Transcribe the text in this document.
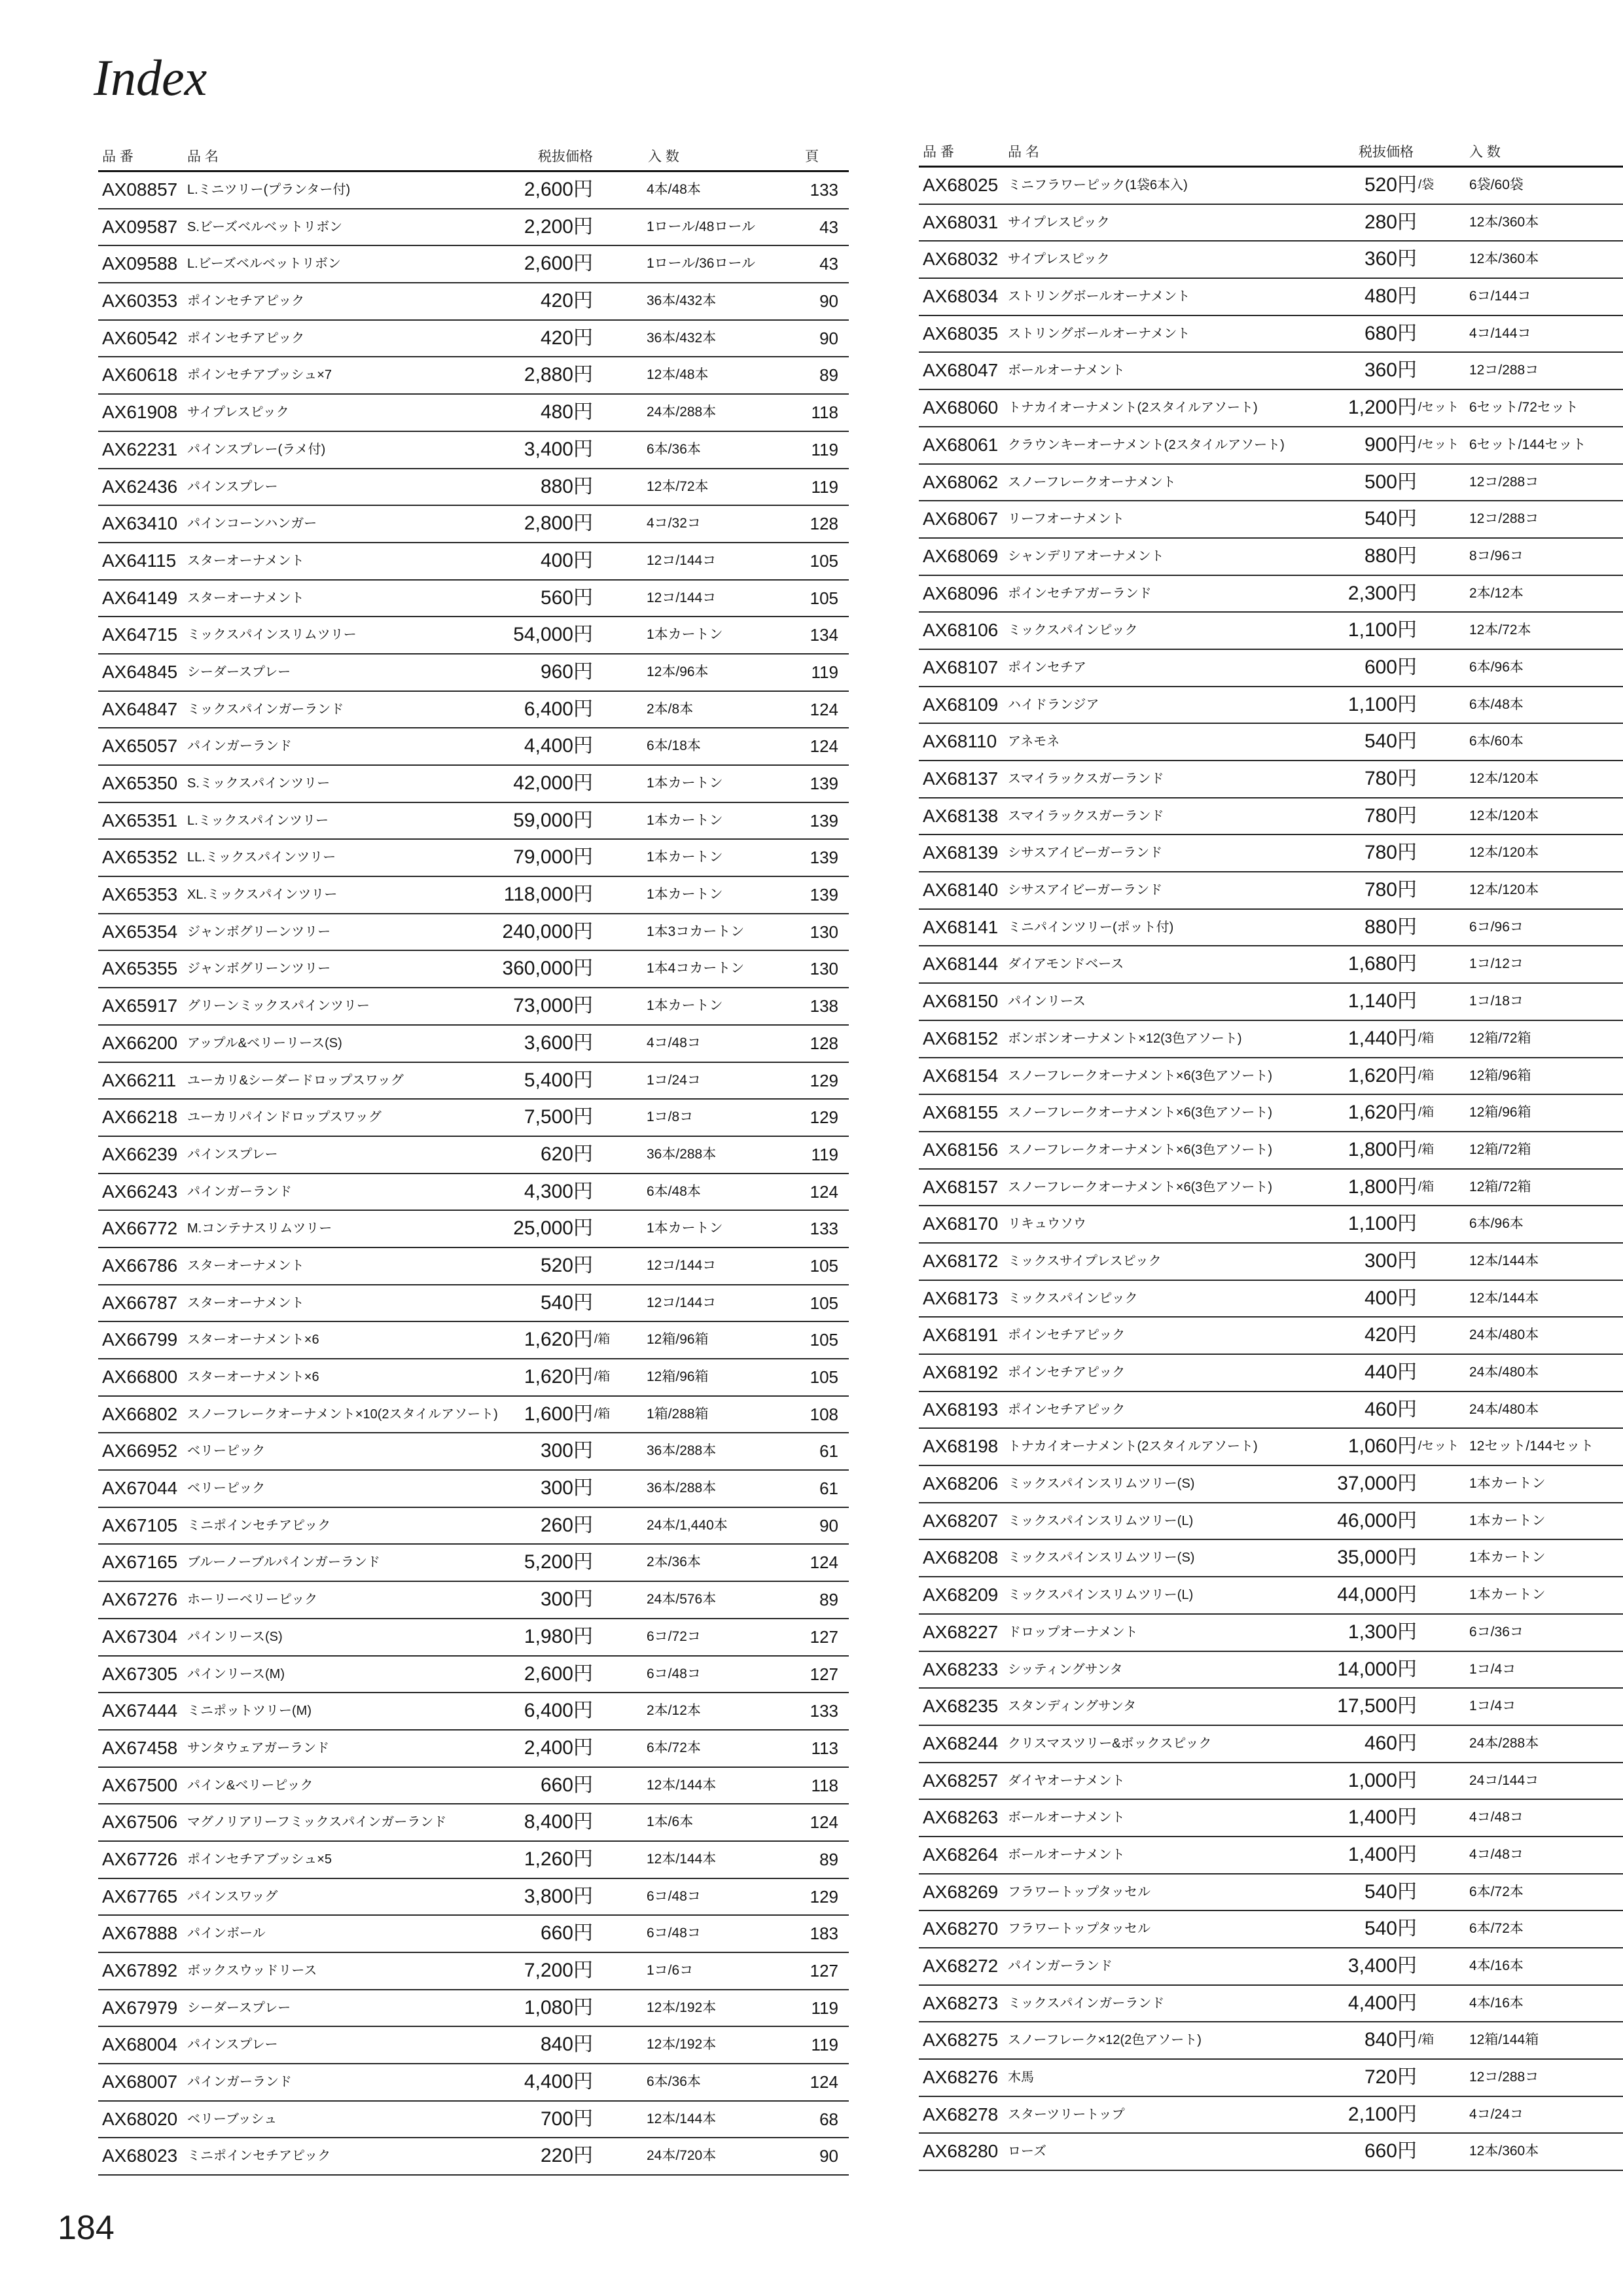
Index
品 番	品 名	税抜価格	入 数	頁
AX08857 L.ミニツリー(プランター付)	2,600円	4本/48本	133
AX09587 S.ビーズベルベットリボン	2,200円	1ロール/48ロール	43
AX09588 L.ビーズベルベットリボン	2,600円	1ロール/36ロール	43
AX60353 ポインセチアピック	420円	36本/432本	90
AX60542 ポインセチアピック	420円	36本/432本	90
AX60618 ポインセチアブッシュ×7	2,880円	12本/48本	89
AX61908 サイプレスピック	480円	24本/288本	118
AX62231 パインスプレー(ラメ付)	3,400円	6本/36本	119
AX62436 パインスプレー	880円	12本/72本	119
AX63410 パインコーンハンガー	2,800円	4コ/32コ	128
AX64115 スターオーナメント	400円	12コ/144コ	105
AX64149 スターオーナメント	560円	12コ/144コ	105
AX64715 ミックスパインスリムツリー	54,000円	1本カートン	134
AX64845 シーダースプレー	960円	12本/96本	119
AX64847 ミックスパインガーランド	6,400円	2本/8本	124
AX65057 パインガーランド	4,400円	6本/18本	124
AX65350 S.ミックスパインツリー	42,000円	1本カートン	139
AX65351 L.ミックスパインツリー	59,000円	1本カートン	139
AX65352 LL.ミックスパインツリー	79,000円	1本カートン	139
AX65353 XL.ミックスパインツリー	118,000円	1本カートン	139
AX65354 ジャンボグリーンツリー	240,000円	1本3コカートン	130
AX65355 ジャンボグリーンツリー	360,000円	1本4コカートン	130
AX65917 グリーンミックスパインツリー	73,000円	1本カートン	138
AX66200 アップル&ベリーリース(S)	3,600円	4コ/48コ	128
AX66211 ユーカリ&シーダードロップスワッグ	5,400円	1コ/24コ	129
AX66218 ユーカリパインドロップスワッグ	7,500円	1コ/8コ	129
AX66239 パインスプレー	620円	36本/288本	119
AX66243 パインガーランド	4,300円	6本/48本	124
AX66772 M.コンテナスリムツリー	25,000円	1本カートン	133
AX66786 スターオーナメント	520円	12コ/144コ	105
AX66787 スターオーナメント	540円	12コ/144コ	105
AX66799 スターオーナメント×6	1,620円 /箱	12箱/96箱	105
AX66800 スターオーナメント×6	1,620円 /箱	12箱/96箱	105
AX66802 スノーフレークオーナメント×10(2スタイルアソート)	1,600円 /箱	1箱/288箱	108
AX66952 ベリーピック	300円	36本/288本	61
AX67044 ベリーピック	300円	36本/288本	61
AX67105 ミニポインセチアピック	260円	24本/1,440本	90
AX67165 ブルーノーブルパインガーランド	5,200円	2本/36本	124
AX67276 ホーリーベリーピック	300円	24本/576本	89
AX67304 パインリース(S)	1,980円	6コ/72コ	127
AX67305 パインリース(M)	2,600円	6コ/48コ	127
AX67444 ミニポットツリー(M)	6,400円	2本/12本	133
AX67458 サンタウェアガーランド	2,400円	6本/72本	113
AX67500 パイン&ベリーピック	660円	12本/144本	118
AX67506 マグノリアリーフミックスパインガーランド	8,400円	1本/6本	124
AX67726 ポインセチアブッシュ×5	1,260円	12本/144本	89
AX67765 パインスワッグ	3,800円	6コ/48コ	129
AX67888 パインボール	660円	6コ/48コ	183
AX67892 ボックスウッドリース	7,200円	1コ/6コ	127
AX67979 シーダースプレー	1,080円	12本/192本	119
AX68004 パインスプレー	840円	12本/192本	119
AX68007 パインガーランド	4,400円	6本/36本	124
AX68020 ベリーブッシュ	700円	12本/144本	68
AX68023 ミニポインセチアピック	220円	24本/720本	90
品 番	品 名	税抜価格	入 数
AX68025 ミニフラワーピック(1袋6本入)	520円 /袋	6袋/60袋
AX68031 サイプレスピック	280円	12本/360本
AX68032 サイプレスピック	360円	12本/360本
AX68034 ストリングボールオーナメント	480円	6コ/144コ
AX68035 ストリングボールオーナメント	680円	4コ/144コ
AX68047 ボールオーナメント	360円	12コ/288コ
AX68060 トナカイオーナメント(2スタイルアソート)	1,200円 /セット 6セット/72セット
AX68061 クラウンキーオーナメント(2スタイルアソート)	900円 /セット 6セット/144セット
AX68062 スノーフレークオーナメント	500円	12コ/288コ
AX68067 リーフオーナメント	540円	12コ/288コ
AX68069 シャンデリアオーナメント	880円	8コ/96コ
AX68096 ポインセチアガーランド	2,300円	2本/12本
AX68106 ミックスパインピック	1,100円	12本/72本
AX68107 ポインセチア	600円	6本/96本
AX68109 ハイドランジア	1,100円	6本/48本
AX68110 アネモネ	540円	6本/60本
AX68137 スマイラックスガーランド	780円	12本/120本
AX68138 スマイラックスガーランド	780円	12本/120本
AX68139 シサスアイビーガーランド	780円	12本/120本
AX68140 シサスアイビーガーランド	780円	12本/120本
AX68141 ミニパインツリー(ポット付)	880円	6コ/96コ
AX68144 ダイアモンドベース	1,680円	1コ/12コ
AX68150 パインリース	1,140円	1コ/18コ
AX68152 ボンボンオーナメント×12(3色アソート)	1,440円 /箱	12箱/72箱
AX68154 スノーフレークオーナメント×6(3色アソート)	1,620円 /箱	12箱/96箱
AX68155 スノーフレークオーナメント×6(3色アソート)	1,620円 /箱	12箱/96箱
AX68156 スノーフレークオーナメント×6(3色アソート)	1,800円 /箱	12箱/72箱
AX68157 スノーフレークオーナメント×6(3色アソート)	1,800円 /箱	12箱/72箱
AX68170 リキュウソウ	1,100円	6本/96本
AX68172 ミックスサイプレスピック	300円	12本/144本
AX68173 ミックスパインピック	400円	12本/144本
AX68191 ポインセチアピック	420円	24本/480本
AX68192 ポインセチアピック	440円	24本/480本
AX68193 ポインセチアピック	460円	24本/480本
AX68198 トナカイオーナメント(2スタイルアソート)	1,060円 /セット 12セット/144セット
AX68206 ミックスパインスリムツリー(S)	37,000円	1本カートン
AX68207 ミックスパインスリムツリー(L)	46,000円	1本カートン
AX68208 ミックスパインスリムツリー(S)	35,000円	1本カートン
AX68209 ミックスパインスリムツリー(L)	44,000円	1本カートン
AX68227 ドロップオーナメント	1,300円	6コ/36コ
AX68233 シッティングサンタ	14,000円	1コ/4コ
AX68235 スタンディングサンタ	17,500円	1コ/4コ
AX68244 クリスマスツリー&ボックスピック	460円	24本/288本
AX68257 ダイヤオーナメント	1,000円	24コ/144コ
AX68263 ボールオーナメント	1,400円	4コ/48コ
AX68264 ボールオーナメント	1,400円	4コ/48コ
AX68269 フラワートップタッセル	540円	6本/72本
AX68270 フラワートップタッセル	540円	6本/72本
AX68272 パインガーランド	3,400円	4本/16本
AX68273 ミックスパインガーランド	4,400円	4本/16本
AX68275 スノーフレーク×12(2色アソート)	840円 /箱	12箱/144箱
AX68276 木馬	720円	12コ/288コ
AX68278 スターツリートップ	2,100円	4コ/24コ
AX68280 ローズ	660円	12本/360本
184
